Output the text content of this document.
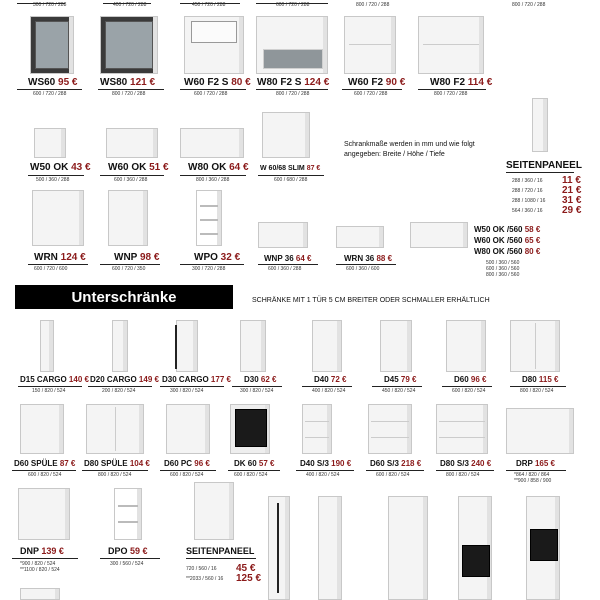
300 / 720 / 288	400 / 720 / 288	450 / 720 / 288	600 / 720 / 288	800 / 720 / 288	800 / 720 / 288
WS60 95 €
600 / 720 / 288
WS80 121 €
800 / 720 / 288
W60 F2 S 80 €
600 / 720 / 288
W80 F2 S 124 €
800 / 720 / 288
W60 F2 90 €
600 / 720 / 288
W80 F2 114 €
800 / 720 / 288
W50 OK 43 €
500 / 360 / 288
W60 OK 51 €
600 / 360 / 288
W80 OK 64 €
800 / 360 / 288
W 60/68 SLIM 87 €
600 / 680 / 288
Schrankmaße werden in mm und wie folgt
angegeben: Breite / Höhe / Tiefe
SEITENPANEEL
288 / 360 / 16 11 €
288 / 720 / 16 21 €
288 / 1080 / 16 31 €
564 / 360 / 16 29 €
WRN 124 €
600 / 720 / 600
WNP 98 €
600 / 720 / 350
WPO 32 €
300 / 720 / 288
WNP 36 64 €
600 / 360 / 288
WRN 36 88 €
600 / 360 / 600
W50 OK /560 58 €
W60 OK /560 65 €
W80 OK /560 80 €
500 / 360 / 560
600 / 360 / 560
800 / 360 / 560
Unterschränke	SCHRÄNKE MIT 1 TÜR 5 CM BREITER ODER SCHMALLER ERHÄLTLICH
D15 CARGO 140 €
150 / 820 / 524
D20 CARGO 149 €
200 / 820 / 524
D30 CARGO 177 €
300 / 820 / 524
D30 62 €
300 / 820 / 524
D40 72 €
400 / 820 / 524
D45 79 €
450 / 820 / 524
D60 96 €
600 / 820 / 524
D80 115 €
800 / 820 / 524
D60 SPÜLE 87 €
600 / 820 / 524
D80 SPÜLE 104 €
800 / 820 / 524
D60 PC 96 €
600 / 820 / 524
DK 60 57 €
600 / 820 / 524
D40 S/3 190 €
400 / 820 / 524
D60 S/3 218 €
600 / 820 / 524
D80 S/3 240 €
800 / 820 / 524
DRP 165 €
*864 / 820 / 864
**900 / 858 / 900
DNP 139 €
*900 / 820 / 524
**1100 / 820 / 524
DPO 59 €
300 / 560 / 524
SEITENPANEEL
720 / 560 / 16 45 €
**2033 / 560 / 16 125 €
